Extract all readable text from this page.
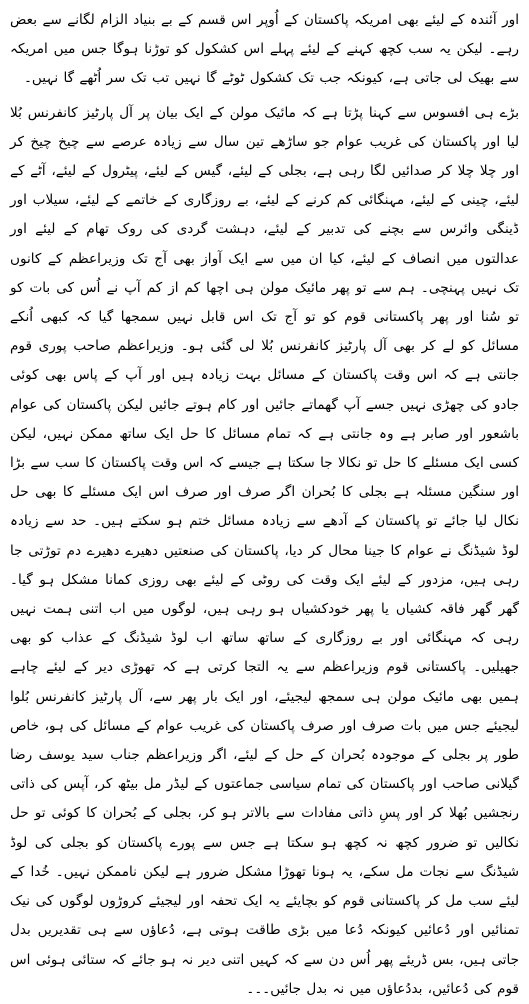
اور آئندہ کے لیئے بھی امریکہ پاکستان کے اُوپر اس قسم کے بے بنیاد الزام لگانے سے بعض رہے۔ لیکن یہ سب کچھ کہنے کے لیئے پہلے اس کشکول کو توڑنا ہوگا جس میں امریکہ سے بھیک لی جاتی ہے، کیونکہ جب تک کشکول ٹوٹے گا نہیں تب تک سر اُٹھے گا نہیں۔

بڑے ہی افسوس سے کہنا پڑتا ہے کہ مائیک مولن کے ایک بیان پر آل پارٹیز کانفرنس بُلا لیا اور پاکستان کی غریب عوام جو ساڑھے تین سال سے زیادہ عرصے سے چیخ چیخ کر اور چلا چلا کر صدائیں لگا رہی ہے، بجلی کے لیئے، گیس کے لیئے، پیٹرول کے لیئے، آٹے کے لیئے، چینی کے لیئے، مہنگائی کم کرنے کے لیئے، بے روزگاری کے خاتمے کے لیئے، سیلاب اور ڈینگی وائرس سے بچنے کی تدبیر کے لیئے، دہشت گردی کی روک تھام کے لیئے اور عدالتوں میں انصاف کے لیئے، کیا ان میں سے ایک آواز بھی آج تک وزیراعظم کے کانوں تک نہیں پہنچی۔ ہم سے تو پھر مائیک مولن ہی اچھا کم از کم آپ نے اُس کی بات کو تو سُنا اور پھر پاکستانی قوم کو تو آج تک اس قابل نہیں سمجھا گیا کہ کبھی اُنکے مسائل کو لے کر بھی آل پارٹیز کانفرنس بُلا لی گئی ہو۔ وزیراعظم صاحب پوری قوم جانتی ہے کہ اس وقت پاکستان کے مسائل بہت زیادہ ہیں اور آپ کے پاس بھی کوئی جادو کی چھڑی نہیں جسے آپ گھماتے جائیں اور کام ہوتے جائیں لیکن پاکستان کی عوام باشعور اور صابر ہے وہ جانتی ہے کہ تمام مسائل کا حل ایک ساتھ ممکن نہیں، لیکن کسی ایک مسئلے کا حل تو نکالا جا سکتا ہے جیسے کہ اس وقت پاکستان کا سب سے بڑا اور سنگین مسئلہ ہے بجلی کا بُحران اگر صرف اور صرف اس ایک مسئلے کا بھی حل نکال لیا جائے تو پاکستان کے آدھے سے زیادہ مسائل ختم ہو سکتے ہیں۔ حد سے زیادہ لوڈ شیڈنگ نے عوام کا جینا محال کر دیا، پاکستان کی صنعتیں دھیرے دھیرے دم توڑتی جا رہی ہیں، مزدور کے لیئے ایک وقت کی روٹی کے لیئے بھی روزی کمانا مشکل ہو گیا۔ گھر گھر فاقہ کشیاں یا پھر خودکشیاں ہو رہی ہیں، لوگوں میں اب اتنی ہمت نہیں رہی کہ مہنگائی اور بے روزگاری کے ساتھ ساتھ اب لوڈ شیڈنگ کے عذاب کو بھی جھیلیں۔ پاکستانی قوم وزیراعظم سے یہ التجا کرتی ہے کہ تھوڑی دیر کے لیئے چاہے ہمیں بھی مائیک مولن ہی سمجھ لیجیئے، اور ایک بار پھر سے، آل پارٹیز کانفرنس بُلوا لیجیئے جس میں بات صرف اور صرف پاکستان کی غریب عوام کے مسائل کی ہو، خاص طور پر بجلی کے موجودہ بُحران کے حل کے لیئے، اگر وزیراعظم جناب سید یوسف رضا گیلانی صاحب اور پاکستان کی تمام سیاسی جماعتوں کے لیڈر مل بیٹھ کر، آپس کی ذاتی رنجشیں بُھلا کر اور پسِ ذاتی مفادات سے بالاتر ہو کر، بجلی کے بُحران کا کوئی تو حل نکالیں تو ضرور کچھ نہ کچھ ہو سکتا ہے جس سے پورے پاکستان کو بجلی کی لوڈ شیڈنگ سے نجات مل سکے، یہ ہونا تھوڑا مشکل ضرور ہے لیکن ناممکن نہیں۔ خُدا کے لیئے سب مل کر پاکستانی قوم کو بچایئے یہ ایک تحفہ اور لیجیئے کروڑوں لوگوں کی نیک تمنائیں اور دُعائیں کیونکہ دُعا میں بڑی طاقت ہوتی ہے، دُعاؤں سے ہی تقدیریں بدل جاتی ہیں، بس ڈریئے پھر اُس دن سے کہ کہیں اتنی دیر نہ ہو جائے کہ ستائی ہوئی اس قوم کی دُعائیں، بددُعاؤں میں نہ بدل جائیں۔۔۔
